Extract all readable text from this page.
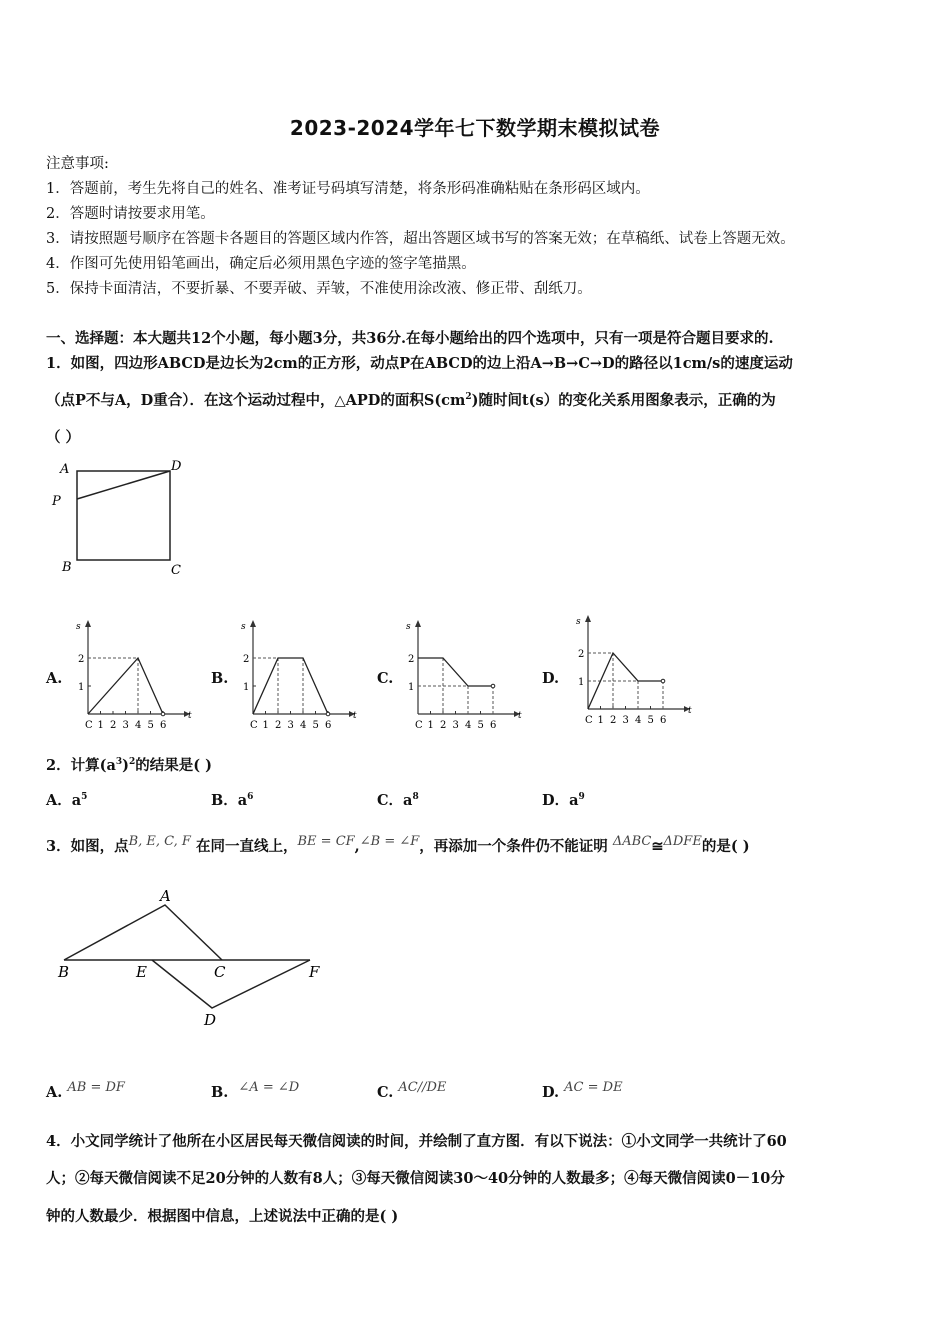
2023-2024学年七下数学期末模拟试卷
注意事项:
1．答题前，考生先将自己的姓名、准考证号码填写清楚，将条形码准确粘贴在条形码区域内。
2．答题时请按要求用笔。
3．请按照题号顺序在答题卡各题目的答题区域内作答，超出答题区域书写的答案无效；在草稿纸、试卷上答题无效。
4．作图可先使用铅笔画出，确定后必须用黑色字迹的签字笔描黑。
5．保持卡面清洁，不要折暴、不要弄破、弄皱，不准使用涂改液、修正带、刮纸刀。
一、选择题：本大题共12个小题，每小题3分，共36分.在每小题给出的四个选项中，只有一项是符合题目要求的.
1．如图，四边形ABCD是边长为2cm的正方形，动点P在ABCD的边上沿A→B→C→D的路径以1cm/s的速度运动
（点P不与A，D重合）．在这个运动过程中，△APD的面积$S(cm^2)$随时间t(s）的变化关系用图象表示，正确的为
（ ）
A	D
P
B	C
A.	B.	C.	D.
s
t
1
2
C 1 2 3 4 5 6
s
t
1
2
C 1 2 3 4 5 6
s
t
1
2
C 1 2 3 4 5 6
s
t
1
2
C 1 2 3 4 5 6
2．计算$(a^3)^2$的结果是( )
A．$a^5$	B．$a^6$	C．$a^8$	D．$a^9$
3．如图，点$^{B, E, C, F}$ 在同一直线上，$^{BE = CF}$,$^{\angle B = \angle F}$，再添加一个条件仍不能证明 $^{\Delta ABC}$≅$^{\Delta DFE}$的是( )
A
B	E	C	F
D
A. $^{AB = DF}$	B. $^{\angle A = \angle D}$	C. $^{AC//DE}$	D. $^{AC = DE}$
4．小文同学统计了他所在小区居民每天微信阅读的时间，并绘制了直方图．有以下说法：①小文同学一共统计了60
人；②每天微信阅读不足20分钟的人数有8人；③每天微信阅读30～40分钟的人数最多；④每天微信阅读0－10分
钟的人数最少．根据图中信息，上述说法中正确的是( )
